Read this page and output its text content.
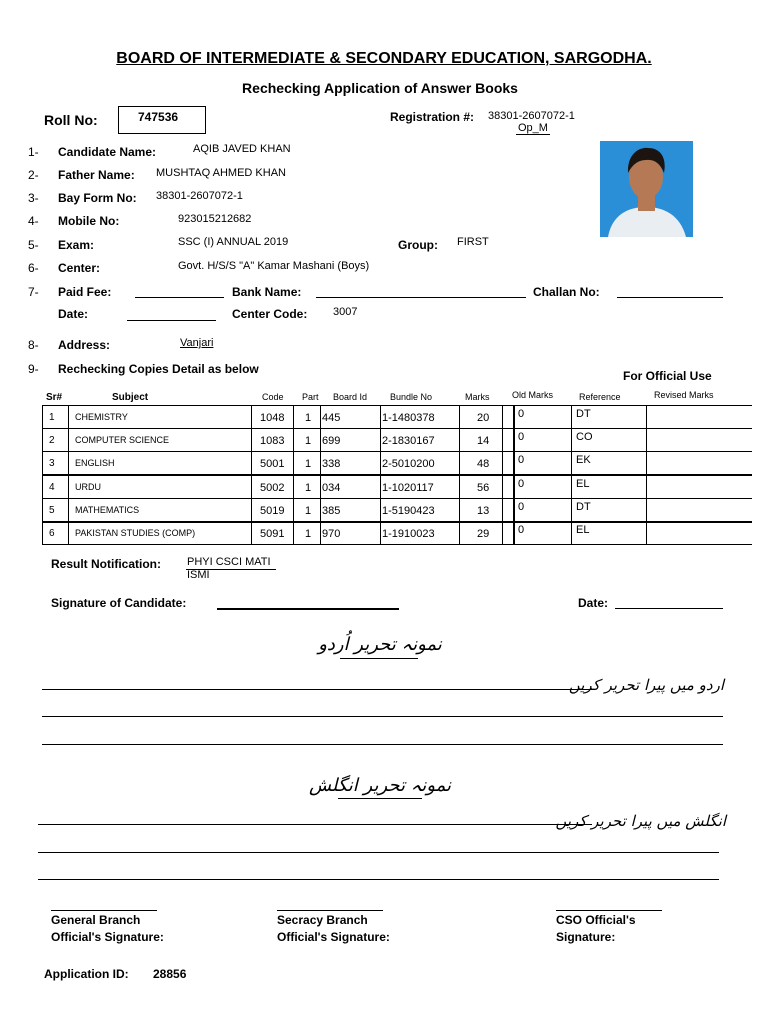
BOARD OF INTERMEDIATE & SECONDARY EDUCATION, SARGODHA.
Rechecking Application of Answer Books
Roll No:	747536	Registration #: 38301-2607072-1
Op_M
1- Candidate Name:	AQIB JAVED KHAN
2- Father Name: MUSHTAQ AHMED KHAN
3- Bay Form No: 38301-2607072-1
4- Mobile No:	923015212682
5- Exam:	SSC (I) ANNUAL 2019	Group: FIRST
6- Center:	Govt. H/S/S "A" Kamar Mashani (Boys)
7- Paid Fee:	Bank Name:	Challan No:
Date:	Center Code: 3007
8- Address:	Vanjari
9- Rechecking Copies Detail as below	For Official Use
Sr#	Subject	Code Part Board Id	Bundle No	Marks	Old Marks	Reference	Revised Marks
1 CHEMISTRY	1048 1 445	1-1480378	20	0	DT
2 COMPUTER SCIENCE	1083 1 699	2-1830167	14	0	CO
3 ENGLISH	5001 1 338	2-5010200	48	0	EK
4 URDU	5002 1 034	1-1020117	56	0	EL
5 MATHEMATICS	5019 1 385	1-5190423	13	0	DT
6 PAKISTAN STUDIES (COMP)	5091 1 970	1-1910023	29	0	EL
Result Notification: PHYI CSCI MATI
ISMI
Signature of Candidate:	Date:
نمونہ تحریر اُردو
اردو میں پیرا تحریر کریں
نمونہ تحریر انگلش
انگلش میں پیرا تحریر کریں
General Branch
Official's Signature:
Secracy Branch
Official's Signature:
CSO Official's
Signature:
Application ID: 28856
